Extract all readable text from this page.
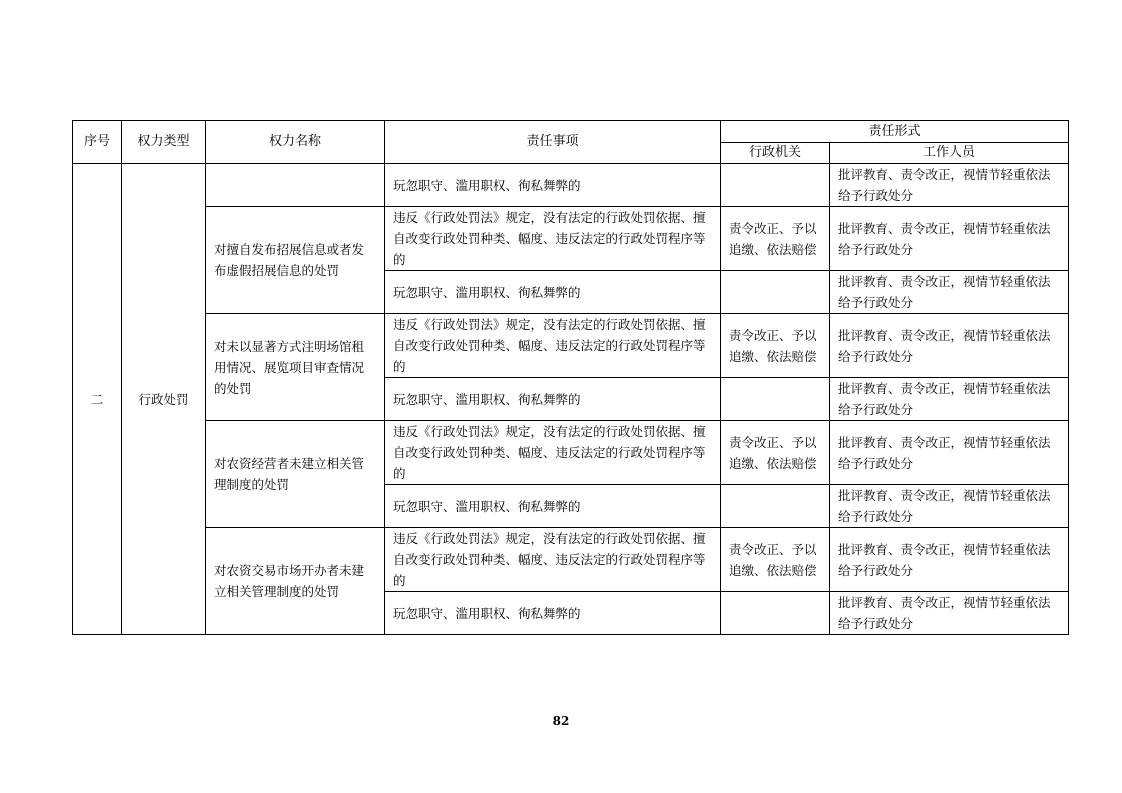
序号	权力类型	权力名称	责任事项	责任形式	
				行政机关	工作人员
二	行政处罚		玩忽职守、滥用职权、徇私舞弊的		批评教育、责令改正，视情节轻重依法给予行政处分
		对擅自发布招展信息或者发布虚假招展信息的处罚	违反《行政处罚法》规定，没有法定的行政处罚依据、擅自改变行政处罚种类、幅度、违反法定的行政处罚程序等的	责令改正、予以追缴、依法赔偿	批评教育、责令改正，视情节轻重依法给予行政处分
			玩忽职守、滥用职权、徇私舞弊的		批评教育、责令改正，视情节轻重依法给予行政处分
		对未以显著方式注明场馆租用情况、展览项目审查情况的处罚	违反《行政处罚法》规定，没有法定的行政处罚依据、擅自改变行政处罚种类、幅度、违反法定的行政处罚程序等的	责令改正、予以追缴、依法赔偿	批评教育、责令改正，视情节轻重依法给予行政处分
			玩忽职守、滥用职权、徇私舞弊的		批评教育、责令改正，视情节轻重依法给予行政处分
		对农资经营者未建立相关管理制度的处罚	违反《行政处罚法》规定，没有法定的行政处罚依据、擅自改变行政处罚种类、幅度、违反法定的行政处罚程序等的	责令改正、予以追缴、依法赔偿	批评教育、责令改正，视情节轻重依法给予行政处分
			玩忽职守、滥用职权、徇私舞弊的		批评教育、责令改正，视情节轻重依法给予行政处分
		对农资交易市场开办者未建立相关管理制度的处罚	违反《行政处罚法》规定，没有法定的行政处罚依据、擅自改变行政处罚种类、幅度、违反法定的行政处罚程序等的	责令改正、予以追缴、依法赔偿	批评教育、责令改正，视情节轻重依法给予行政处分
			玩忽职守、滥用职权、徇私舞弊的		批评教育、责令改正，视情节轻重依法给予行政处分
82
